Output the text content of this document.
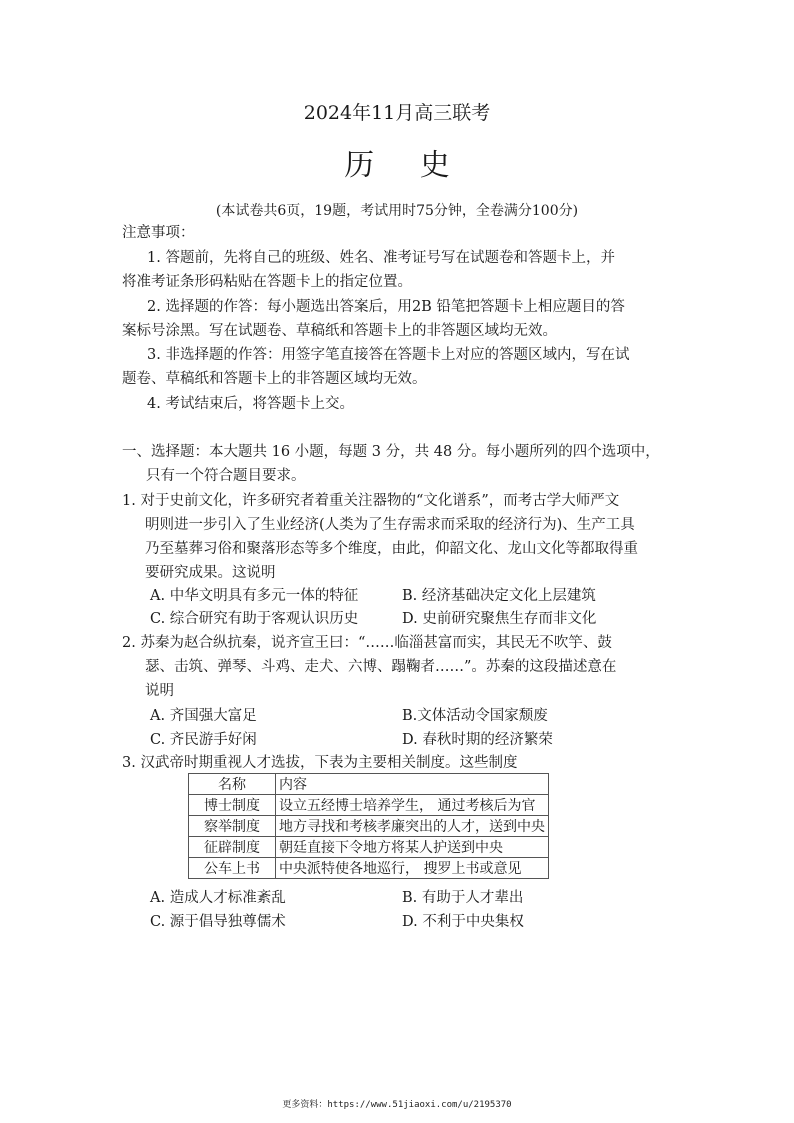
2024年11月高三联考
历 史
(本试卷共6页，19题，考试用时75分钟，全卷满分100分)
注意事项：
1. 答题前，先将自己的班级、姓名、准考证号写在试题卷和答题卡上，并
将准考证条形码粘贴在答题卡上的指定位置。
2. 选择题的作答：每小题选出答案后，用2B 铅笔把答题卡上相应题目的答
案标号涂黑。写在试题卷、草稿纸和答题卡上的非答题区域均无效。
3. 非选择题的作答：用签字笔直接答在答题卡上对应的答题区域内，写在试
题卷、草稿纸和答题卡上的非答题区域均无效。
4. 考试结束后，将答题卡上交。
一、选择题：本大题共 16 小题，每题 3 分，共 48 分。每小题所列的四个选项中，
只有一个符合题目要求。
1. 对于史前文化，许多研究者着重关注器物的“文化谱系”，而考古学大师严文
明则进一步引入了生业经济(人类为了生存需求而采取的经济行为)、生产工具
乃至墓葬习俗和聚落形态等多个维度，由此，仰韶文化、龙山文化等都取得重
要研究成果。这说明
A. 中华文明具有多元一体的特征	B. 经济基础决定文化上层建筑
C. 综合研究有助于客观认识历史	D. 史前研究聚焦生存而非文化
2. 苏秦为赵合纵抗秦，说齐宣王曰：“……临淄甚富而实，其民无不吹竽、鼓
瑟、击筑、弹琴、斗鸡、走犬、六博、蹋鞠者……”。苏秦的这段描述意在
说明
A. 齐国强大富足	B.文体活动令国家颓废
C. 齐民游手好闲	D. 春秋时期的经济繁荣
3. 汉武帝时期重视人才选拔，下表为主要相关制度。这些制度
名称	内容
博士制度	设立五经博士培养学生， 通过考核后为官
察举制度	地方寻找和考核孝廉突出的人才，送到中央
征辟制度	朝廷直接下令地方将某人护送到中央
公车上书	中央派特使各地巡行， 搜罗上书或意见
A. 造成人才标准紊乱	B. 有助于人才辈出
C. 源于倡导独尊儒术	D. 不利于中央集权
更多资料：https://www.51jiaoxi.com/u/2195370
